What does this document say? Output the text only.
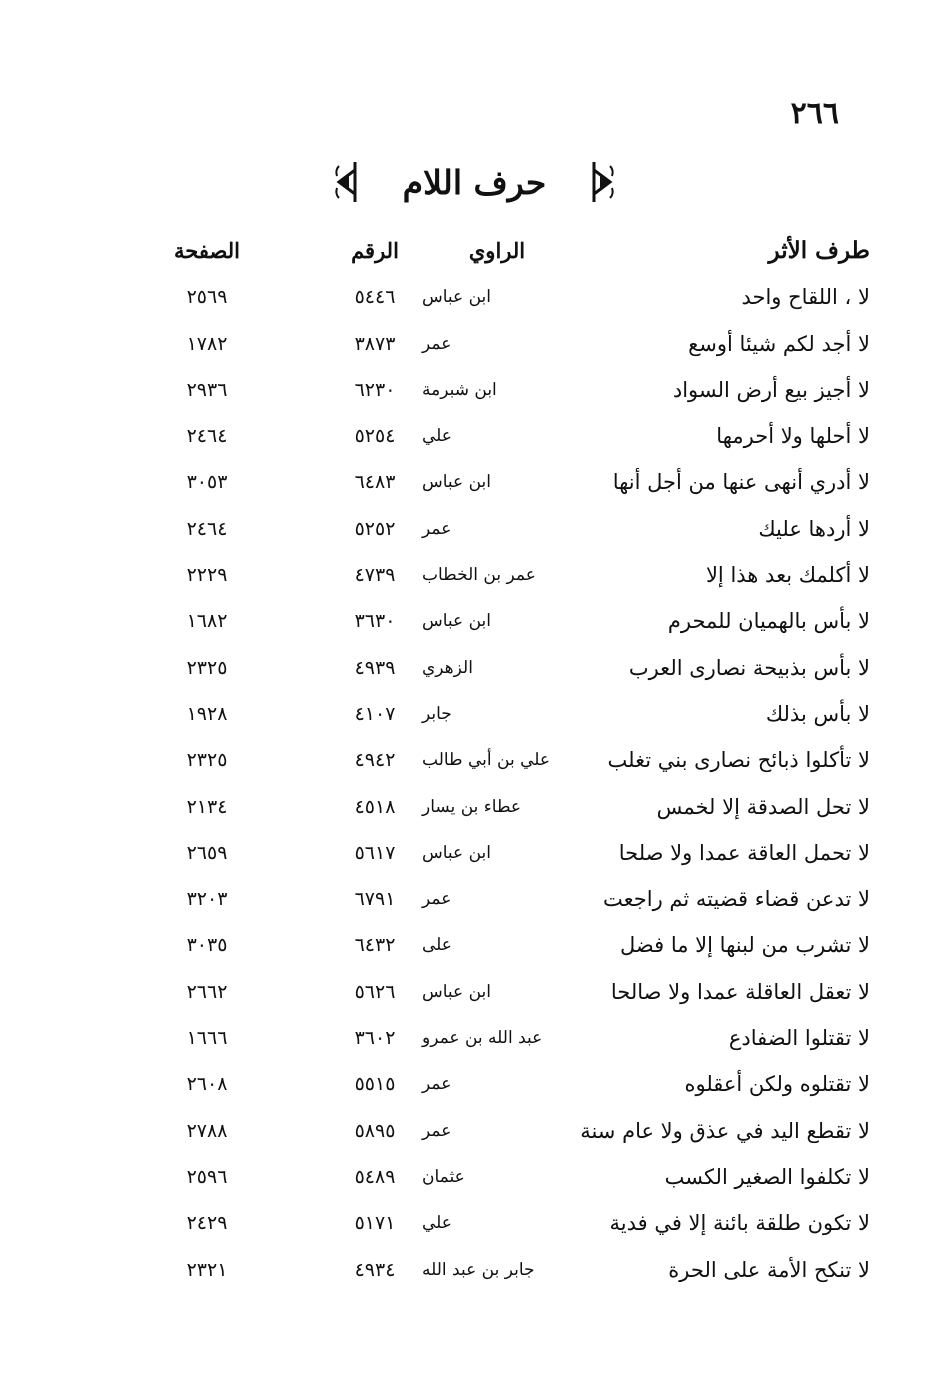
٢٦٦
حرف اللام
طرف الأثر
الراوي
الرقم
الصفحة
لا ، اللقاح واحد
ابن عباس
٥٤٤٦
٢٥٦٩
لا أجد لكم شيئا أوسع
عمر
٣٨٧٣
١٧٨٢
لا أجيز بيع أرض السواد
ابن شبرمة
٦٢٣٠
٢٩٣٦
لا أحلها ولا أحرمها
علي
٥٢٥٤
٢٤٦٤
لا أدري أنهى عنها من أجل أنها
ابن عباس
٦٤٨٣
٣٠٥٣
لا أردها عليك
عمر
٥٢٥٢
٢٤٦٤
لا أكلمك بعد هذا إلا
عمر بن الخطاب
٤٧٣٩
٢٢٢٩
لا بأس بالهميان للمحرم
ابن عباس
٣٦٣٠
١٦٨٢
لا بأس بذبيحة نصارى العرب
الزهري
٤٩٣٩
٢٣٢٥
لا بأس بذلك
جابر
٤١٠٧
١٩٢٨
لا تأكلوا ذبائح نصارى بني تغلب
علي بن أبي طالب
٤٩٤٢
٢٣٢٥
لا تحل الصدقة إلا لخمس
عطاء بن يسار
٤٥١٨
٢١٣٤
لا تحمل العاقة عمدا ولا صلحا
ابن عباس
٥٦١٧
٢٦٥٩
لا تدعن قضاء قضيته ثم راجعت
عمر
٦٧٩١
٣٢٠٣
لا تشرب من لبنها إلا ما فضل
على
٦٤٣٢
٣٠٣٥
لا تعقل العاقلة عمدا ولا صالحا
ابن عباس
٥٦٢٦
٢٦٦٢
لا تقتلوا الضفادع
عبد الله بن عمرو
٣٦٠٢
١٦٦٦
لا تقتلوه ولكن أعقلوه
عمر
٥٥١٥
٢٦٠٨
لا تقطع اليد في عذق ولا عام سنة
عمر
٥٨٩٥
٢٧٨٨
لا تكلفوا الصغير الكسب
عثمان
٥٤٨٩
٢٥٩٦
لا تكون طلقة بائنة إلا في فدية
علي
٥١٧١
٢٤٢٩
لا تنكح الأمة على الحرة
جابر بن عبد الله
٤٩٣٤
٢٣٢١
